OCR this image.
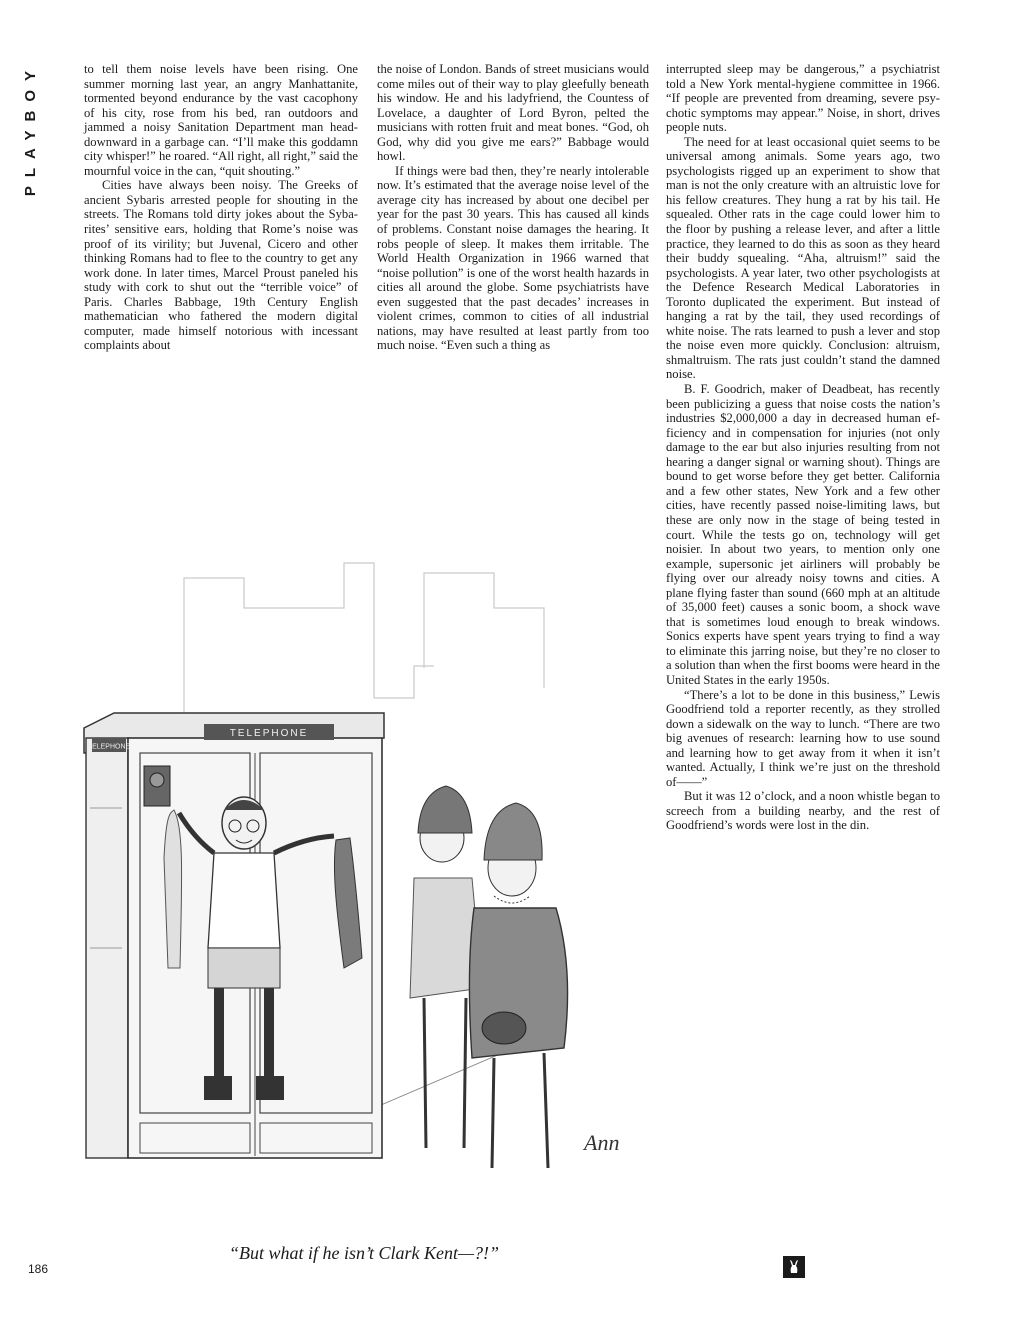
PLAYBOY	to tell them noise levels have been rising. One summer morning last year, an angry Manhattanite, tormented beyond endurance by the vast cacophony of his city, rose from his bed, ran outdoors and jammed a noisy Sanitation Department man head-downward in a garbage can. “I’ll make this goddamn city whisper!” he roared. “All right, all right,” said the mournful voice in the can, “quit shouting.”

Cities have always been noisy. The Greeks of ancient Sybaris arrested people for shouting in the streets. The Romans told dirty jokes about the Sybarites’ sensitive ears, holding that Rome’s noise was proof of its virility; but Juvenal, Cicero and other thinking Romans had to flee to the country to get any work done. In later times, Marcel Proust paneled his study with cork to shut out the “terrible voice” of Paris. Charles Babbage, 19th Century English mathematician who fathered the modern digital computer, made himself notorious with incessant complaints about

the noise of London. Bands of street musicians would come miles out of their way to play gleefully beneath his window. He and his ladyfriend, the Countess of Lovelace, a daughter of Lord Byron, pelted the musicians with rotten fruit and meat bones. “God, oh God, why did you give me ears?” Babbage would howl.

If things were bad then, they’re nearly intolerable now. It’s estimated that the average noise level of the average city has increased by about one decibel per year for the past 30 years. This has caused all kinds of problems. Constant noise damages the hearing. It robs people of sleep. It makes them irritable. The World Health Organization in 1966 warned that “noise pollution” is one of the worst health hazards in cities all around the globe. Some psychiatrists have even suggested that the past decades’ increases in violent crimes, common to cities of all industrial nations, may have resulted at least partly from too much noise. “Even such a thing as

interrupted sleep may be dangerous,” a psychiatrist told a New York mental-hygiene committee in 1966. “If people are prevented from dreaming, severe psychotic symptoms may appear.” Noise, in short, drives people nuts.

The need for at least occasional quiet seems to be universal among animals. Some years ago, two psychologists rigged up an experiment to show that man is not the only creature with an altruistic love for his fellow creatures. They hung a rat by his tail. He squealed. Other rats in the cage could lower him to the floor by pushing a release lever, and after a little practice, they learned to do this as soon as they heard their buddy squealing. “Aha, altruism!” said the psychologists. A year later, two other psychologists at the Defence Research Medical Laboratories in Toronto duplicated the experiment. But instead of hanging a rat by the tail, they used recordings of white noise. The rats learned to push a lever and stop the noise even more quickly. Conclusion: altruism, shmaltruism. The rats just couldn’t stand the damned noise.

B. F. Goodrich, maker of Deadbeat, has recently been publicizing a guess that noise costs the nation’s industries $2,000,000 a day in decreased human efficiency and in compensation for injuries (not only damage to the ear but also injuries resulting from not hearing a danger signal or warning shout). Things are bound to get worse before they get better. California and a few other states, New York and a few other cities, have recently passed noise-limiting laws, but these are only now in the stage of being tested in court. While the tests go on, technology will get noisier. In about two years, to mention only one example, supersonic jet airliners will probably be flying over our already noisy towns and cities. A plane flying faster than sound (660 mph at an altitude of 35,000 feet) causes a sonic boom, a shock wave that is sometimes loud enough to break windows. Sonics experts have spent years trying to find a way to eliminate this jarring noise, but they’re no closer to a solution than when the first booms were heard in the United States in the early 1950s.

“There’s a lot to be done in this business,” Lewis Goodfriend told a reporter recently, as they strolled down a sidewalk on the way to lunch. “There are two big avenues of research: learning how to use sound and learning how to get away from it when it isn’t wanted. Actually, I think we’re just on the threshold of——”

But it was 12 o’clock, and a noon whistle began to screech from a building nearby, and the rest of Goodfriend’s words were lost in the din.

TELEPHONE
TELEPHONE
Ann
“But what if he isn’t Clark Kent—?!”
186
